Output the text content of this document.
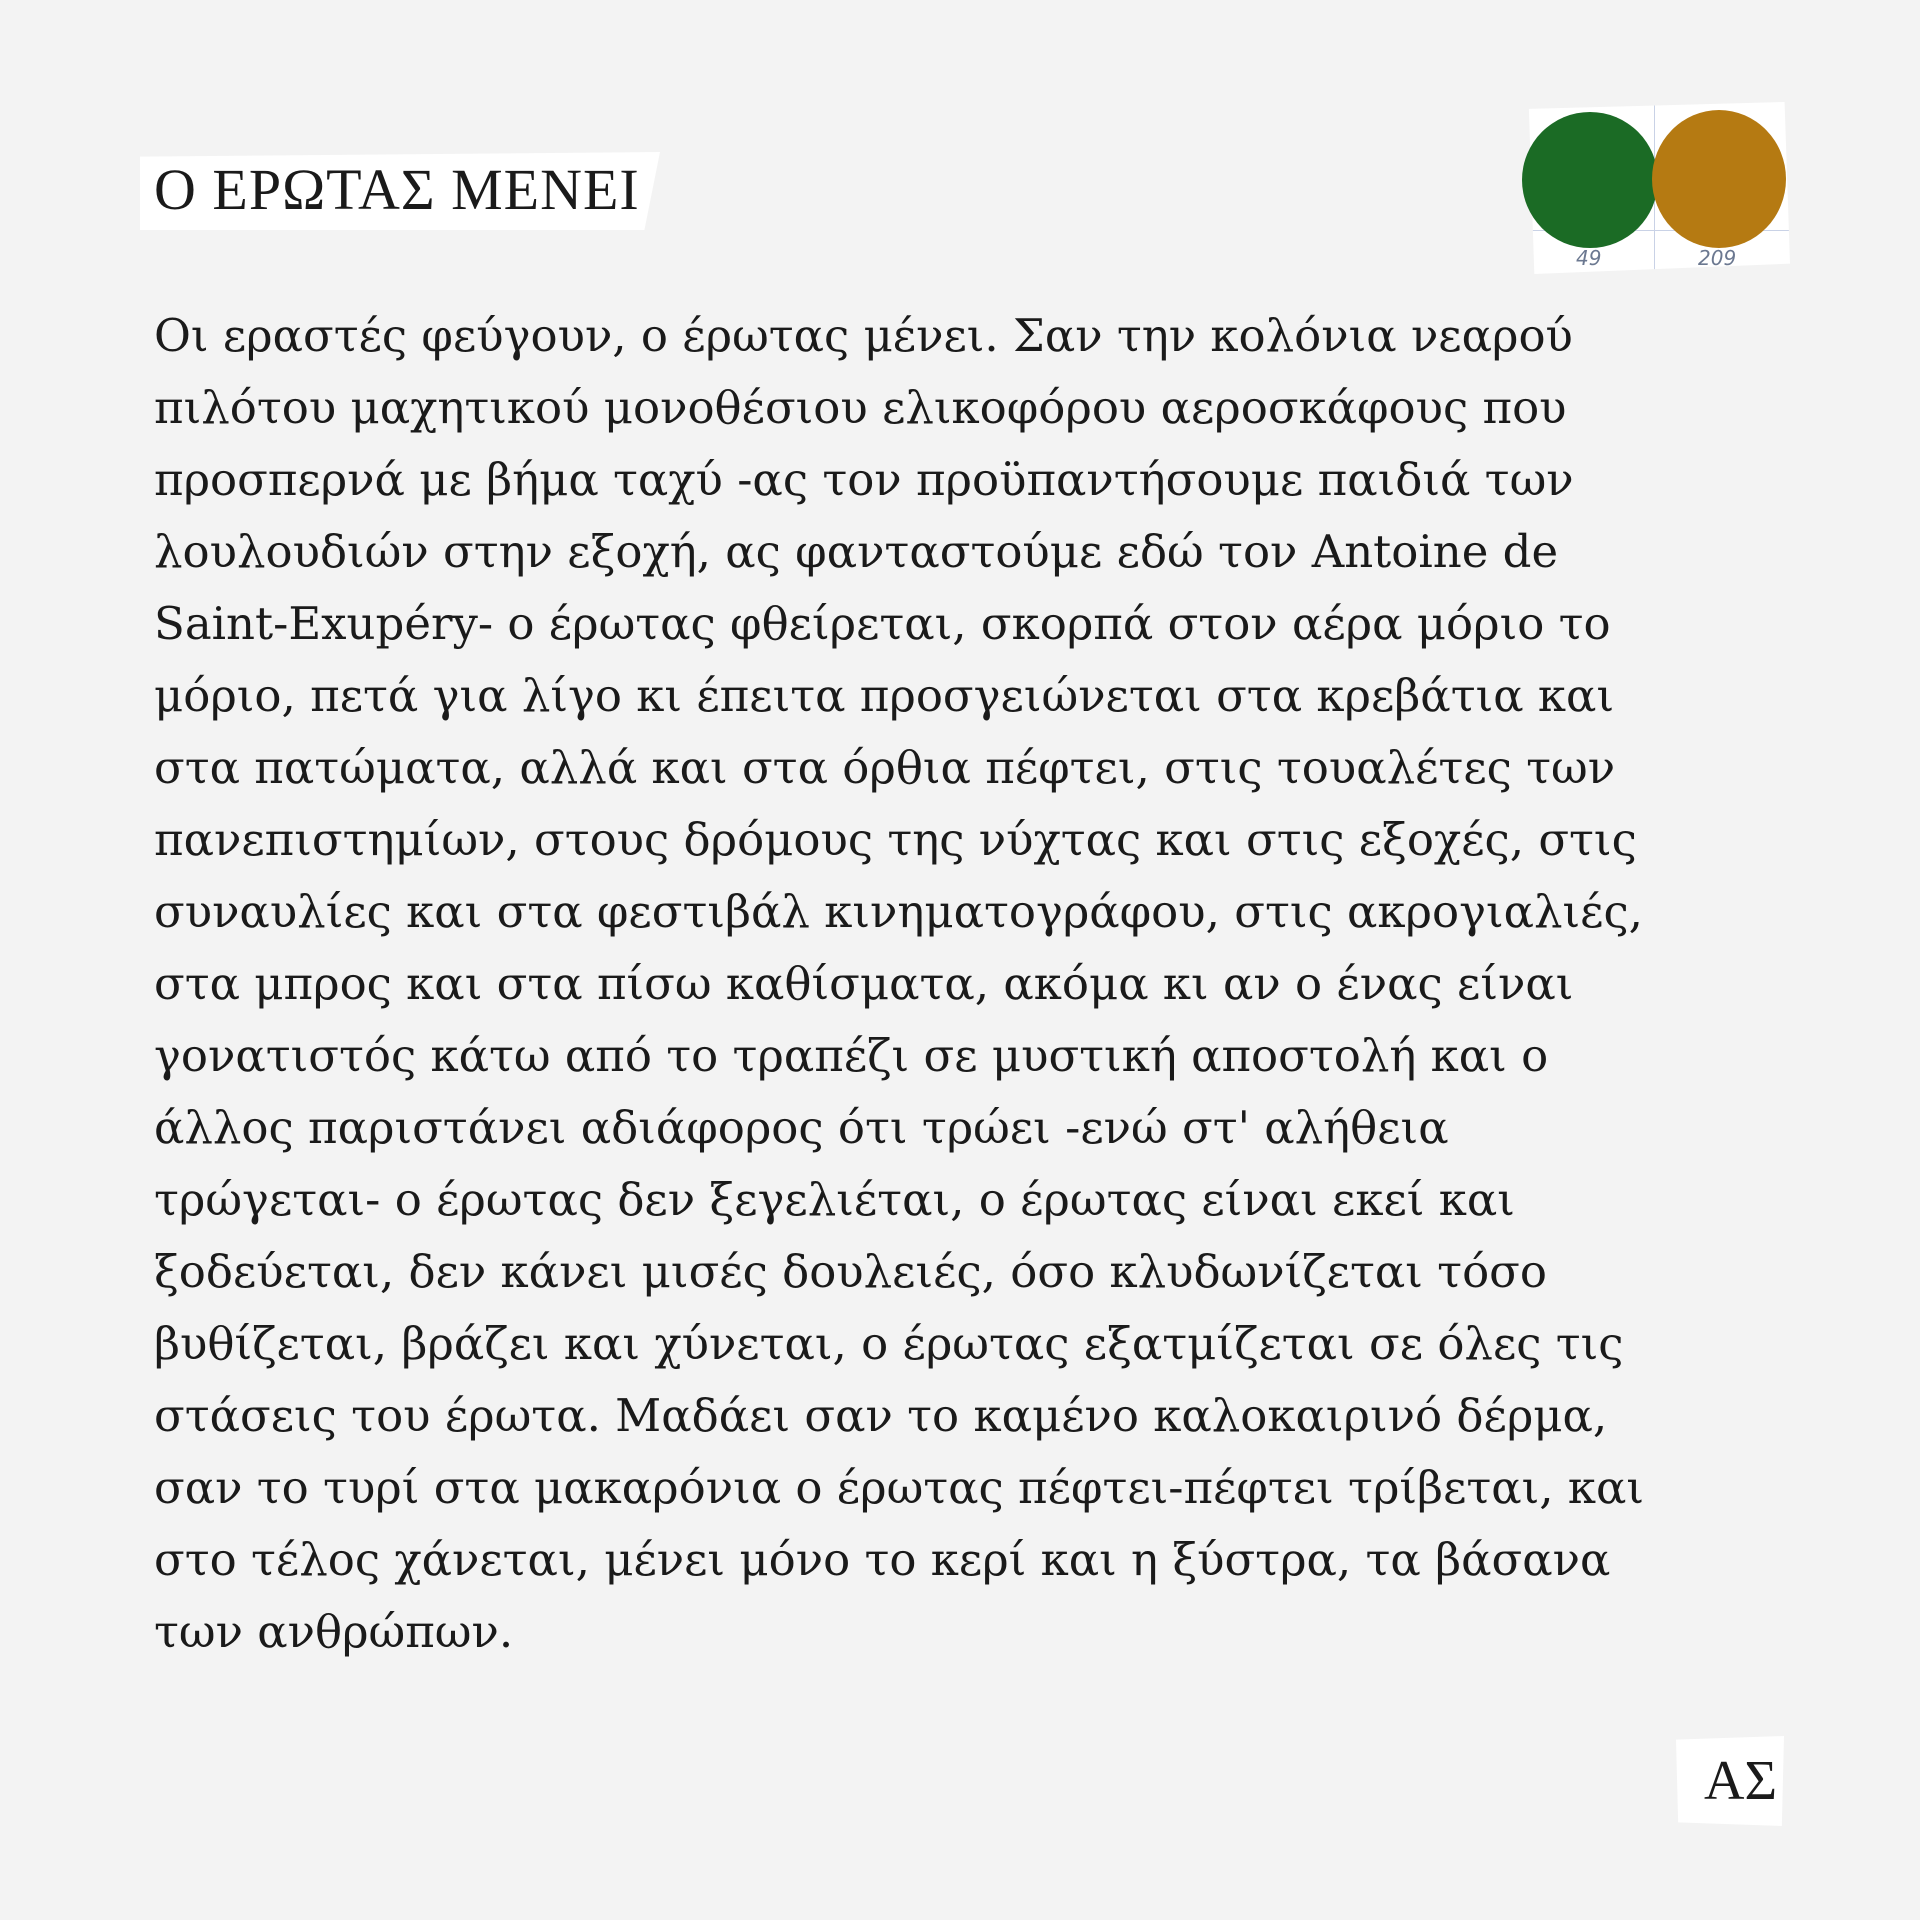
Ο ΕΡΩΤΑΣ ΜΕΝΕΙ
49	209
Οι εραστές φεύγουν, ο έρωτας μένει. Σαν την κολόνια νεαρού
πιλότου μαχητικού μονοθέσιου ελικοφόρου αεροσκάφους που
προσπερνά με βήμα ταχύ -ας τον προϋπαντήσουμε παιδιά των
λουλουδιών στην εξοχή, ας φανταστούμε εδώ τον Antoine de
Saint-Exupéry- ο έρωτας φθείρεται, σκορπά στον αέρα μόριο το
μόριο, πετά για λίγο κι έπειτα προσγειώνεται στα κρεβάτια και
στα πατώματα, αλλά και στα όρθια πέφτει, στις τουαλέτες των
πανεπιστημίων, στους δρόμους της νύχτας και στις εξοχές, στις
συναυλίες και στα φεστιβάλ κινηματογράφου, στις ακρογιαλιές,
στα μπρος και στα πίσω καθίσματα, ακόμα κι αν ο ένας είναι
γονατιστός κάτω από το τραπέζι σε μυστική αποστολή και ο
άλλος παριστάνει αδιάφορος ότι τρώει -ενώ στ' αλήθεια
τρώγεται- ο έρωτας δεν ξεγελιέται, ο έρωτας είναι εκεί και
ξοδεύεται, δεν κάνει μισές δουλειές, όσο κλυδωνίζεται τόσο
βυθίζεται, βράζει και χύνεται, ο έρωτας εξατμίζεται σε όλες τις
στάσεις του έρωτα. Μαδάει σαν το καμένο καλοκαιρινό δέρμα,
σαν το τυρί στα μακαρόνια ο έρωτας πέφτει-πέφτει τρίβεται, και
στο τέλος χάνεται, μένει μόνο το κερί και η ξύστρα, τα βάσανα
των ανθρώπων.
ΑΣ
